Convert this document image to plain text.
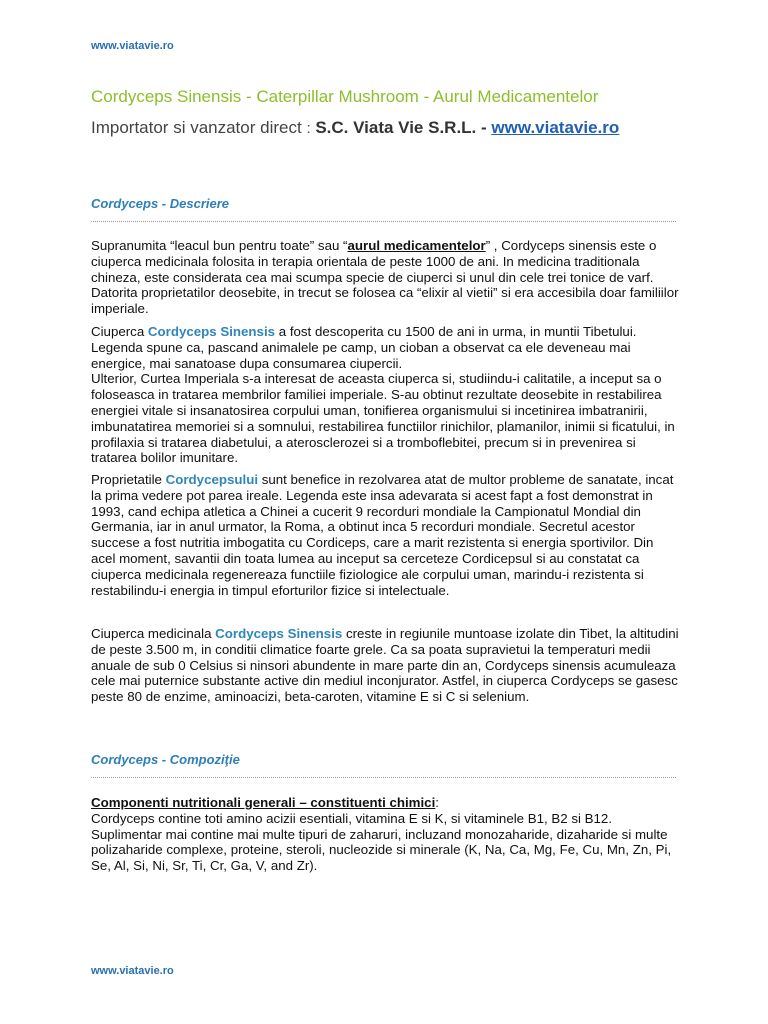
www.viatavie.ro
Cordyceps Sinensis - Caterpillar Mushroom - Aurul Medicamentelor
Importator si vanzator direct : S.C. Viata Vie S.R.L. - www.viatavie.ro
Cordyceps - Descriere

Supranumita “leacul bun pentru toate” sau “aurul medicamentelor” , Cordyceps sinensis este o ciuperca medicinala folosita in terapia orientala de peste 1000 de ani. In medicina traditionala chineza, este considerata cea mai scumpa specie de ciuperci si unul din cele trei tonice de varf. Datorita proprietatilor deosebite, in trecut se folosea ca “elixir al vietii” si era accesibila doar familiilor imperiale.

Ciuperca Cordyceps Sinensis a fost descoperita cu 1500 de ani in urma, in muntii Tibetului. Legenda spune ca, pascand animalele pe camp, un cioban a observat ca ele deveneau mai energice, mai sanatoase dupa consumarea ciupercii.
Ulterior, Curtea Imperiala s-a interesat de aceasta ciuperca si, studiindu-i calitatile, a inceput sa o foloseasca in tratarea membrilor familiei imperiale. S-au obtinut rezultate deosebite in restabilirea energiei vitale si insanatosirea corpului uman, tonifierea organismului si incetinirea imbatranirii, imbunatatirea memoriei si a somnului, restabilirea functiilor rinichilor, plamanilor, inimii si ficatului, in profilaxia si tratarea diabetului, a aterosclerozei si a tromboflebitei, precum si in prevenirea si tratarea bolilor imunitare.

Proprietatile Cordycepsului sunt benefice in rezolvarea atat de multor probleme de sanatate, incat la prima vedere pot parea ireale. Legenda este insa adevarata si acest fapt a fost demonstrat in 1993, cand echipa atletica a Chinei a cucerit 9 recorduri mondiale la Campionatul Mondial din Germania, iar in anul urmator, la Roma, a obtinut inca 5 recorduri mondiale. Secretul acestor succese a fost nutritia imbogatita cu Cordiceps, care a marit rezistenta si energia sportivilor. Din acel moment, savantii din toata lumea au inceput sa cerceteze Cordicepsul si au constatat ca ciuperca medicinala regenereaza functiile fiziologice ale corpului uman, marindu-i rezistenta si restabilindu-i energia in timpul eforturilor fizice si intelectuale.

Ciuperca medicinala Cordyceps Sinensis creste in regiunile muntoase izolate din Tibet, la altitudini de peste 3.500 m, in conditii climatice foarte grele. Ca sa poata supravietui la temperaturi medii anuale de sub 0 Celsius si ninsori abundente in mare parte din an, Cordyceps sinensis acumuleaza cele mai puternice substante active din mediul inconjurator. Astfel, in ciuperca Cordyceps se gasesc peste 80 de enzime, aminoacizi, beta-caroten, vitamine E si C si selenium.

Cordyceps - Compoziţie

Componenti nutritionali generali – constituenti chimici:
Cordyceps contine toti amino acizii esentiali, vitamina E si K, si vitaminele B1, B2 si B12. Suplimentar mai contine mai multe tipuri de zaharuri, incluzand monozaharide, dizaharide si multe polizaharide complexe, proteine, steroli, nucleozide si minerale (K, Na, Ca, Mg, Fe, Cu, Mn, Zn, Pi, Se, Al, Si, Ni, Sr, Ti, Cr, Ga, V, and Zr).

www.viatavie.ro
